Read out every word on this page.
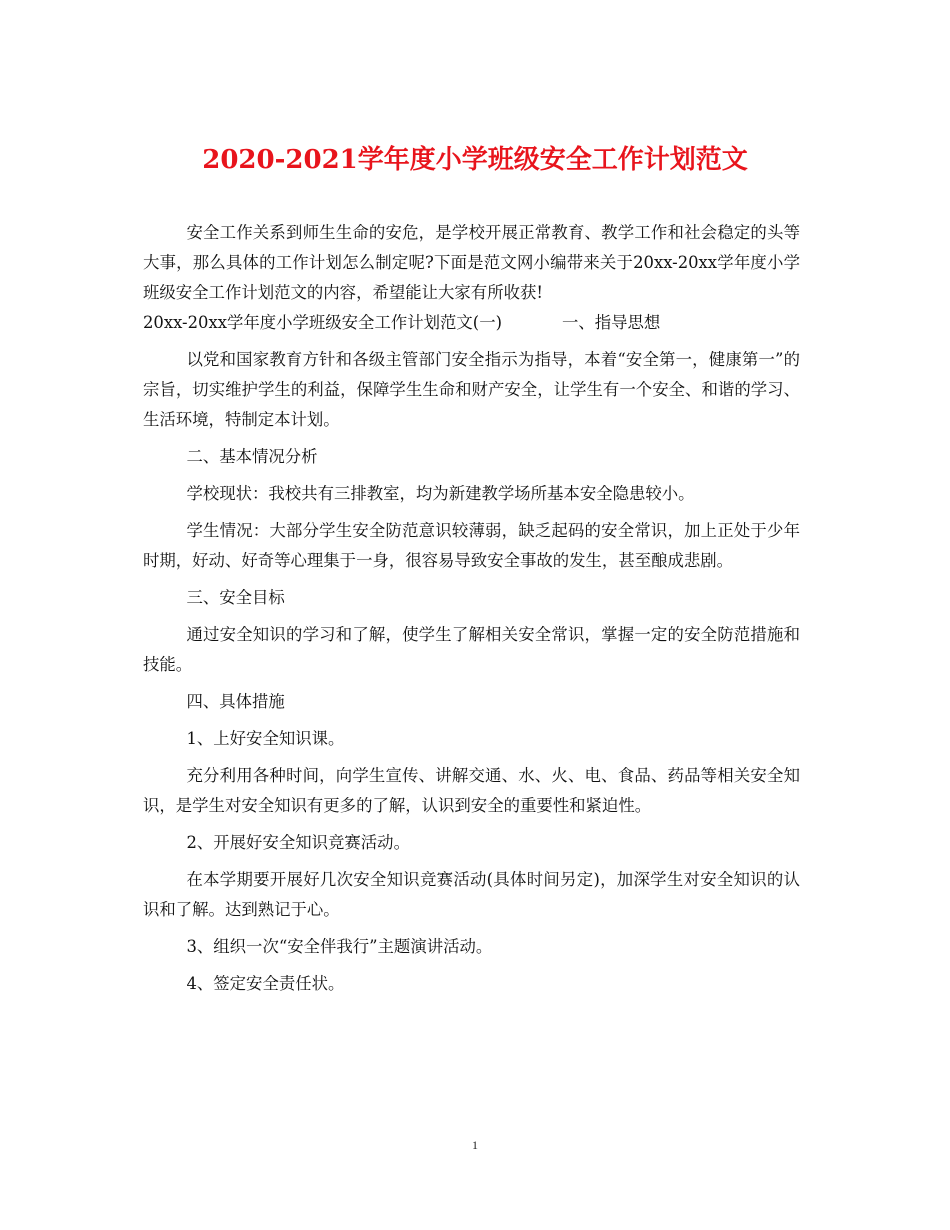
2020-2021学年度小学班级安全工作计划范文

安全工作关系到师生生命的安危，是学校开展正常教育、教学工作和社会稳定的头等大事，那么具体的工作计划怎么制定呢?下面是范文网小编带来关于20xx-20xx学年度小学班级安全工作计划范文的内容，希望能让大家有所收获!

20xx-20xx学年度小学班级安全工作计划范文(一)	一、指导思想

以党和国家教育方针和各级主管部门安全指示为指导，本着“安全第一，健康第一”的宗旨，切实维护学生的利益，保障学生生命和财产安全，让学生有一个安全、和谐的学习、生活环境，特制定本计划。

二、基本情况分析

学校现状：我校共有三排教室，均为新建教学场所基本安全隐患较小。

学生情况：大部分学生安全防范意识较薄弱，缺乏起码的安全常识，加上正处于少年时期，好动、好奇等心理集于一身，很容易导致安全事故的发生，甚至酿成悲剧。

三、安全目标

通过安全知识的学习和了解，使学生了解相关安全常识，掌握一定的安全防范措施和技能。

四、具体措施

1、上好安全知识课。

充分利用各种时间，向学生宣传、讲解交通、水、火、电、食品、药品等相关安全知识，是学生对安全知识有更多的了解，认识到安全的重要性和紧迫性。

2、开展好安全知识竞赛活动。

在本学期要开展好几次安全知识竞赛活动(具体时间另定)，加深学生对安全知识的认识和了解。达到熟记于心。

3、组织一次“安全伴我行”主题演讲活动。

4、签定安全责任状。

1
